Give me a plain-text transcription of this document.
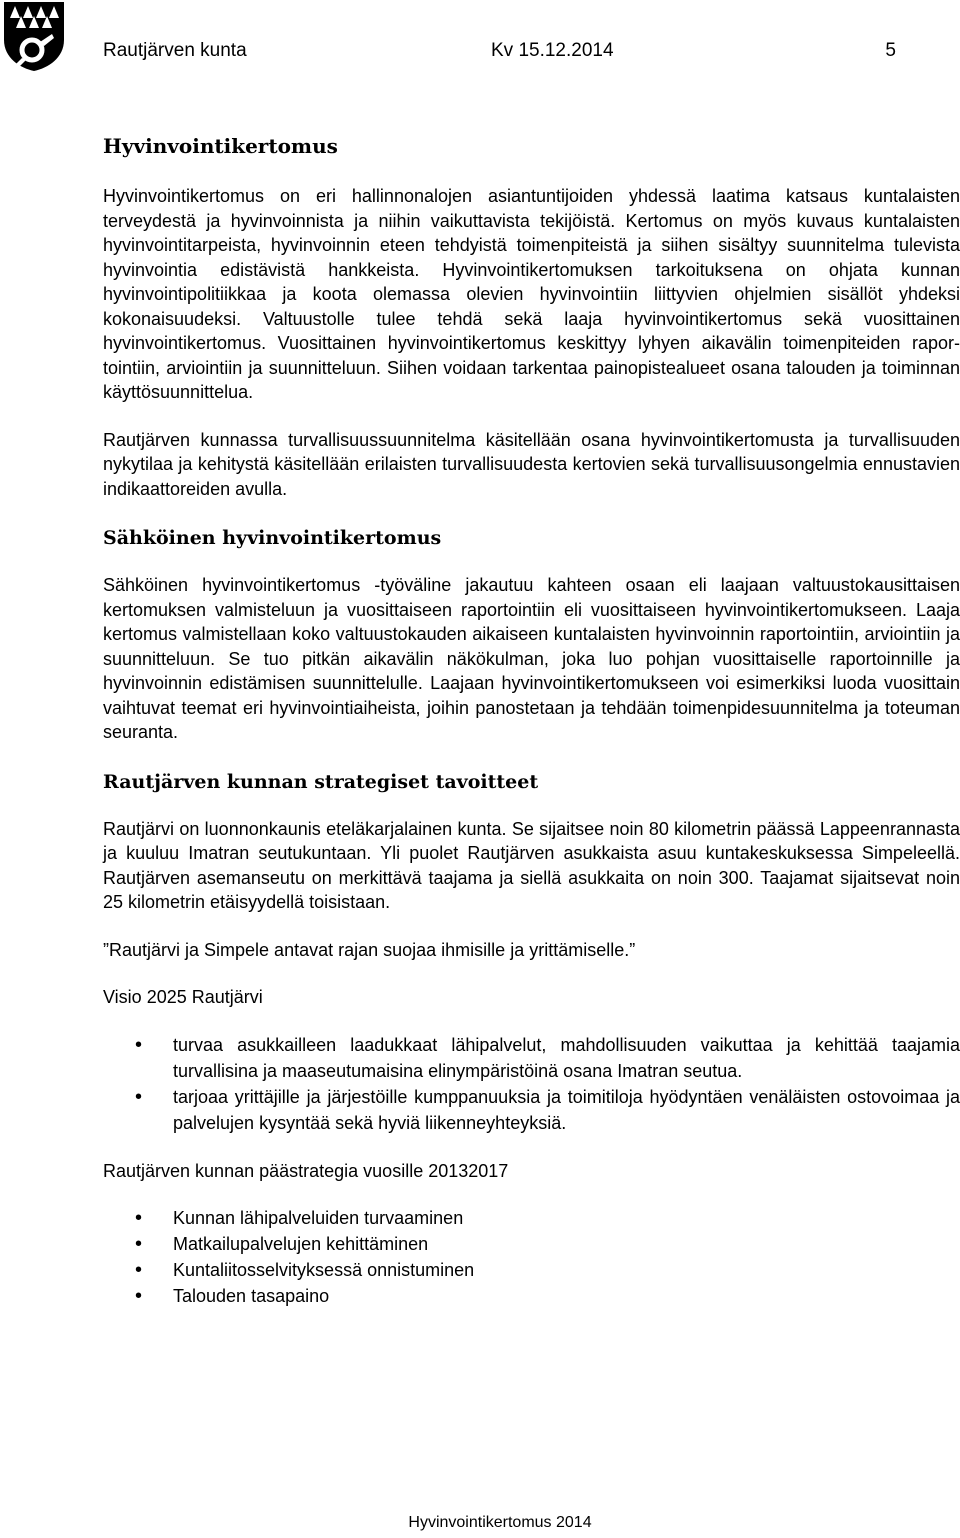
Rautjärven kunta	Kv 15.12.2014	5
Hyvinvointikertomus

Hyvinvointikertomus on eri hallinnonalojen asiantuntijoiden yhdessä laatima katsaus kuntalaisten terveydestä ja hyvinvoinnista ja niihin vaikuttavista tekijöistä. Kertomus on myös kuvaus kuntalaisten hyvinvointitarpeista, hyvinvoinnin eteen tehdyistä toimenpiteistä ja siihen sisältyy suunnitelma tulevista hyvinvointia edistävistä hankkeista. Hyvinvointikertomuksen tarkoituksena on ohjata kunnan hyvinvointipolitiikkaa ja koota olemassa olevien hyvinvointiin liittyvien ohjelmien sisällöt yhdeksi kokonaisuudeksi. Valtuustolle tulee tehdä sekä laaja hyvinvointikertomus sekä vuosittainen hyvinvointikertomus. Vuosittainen hyvinvointikertomus keskittyy lyhyen aikavälin toimenpiteiden raportointiin, arviointiin ja suunnitteluun. Siihen voidaan tarkentaa painopistealueet osana talouden ja toiminnan käyttösuunnittelua.

Rautjärven kunnassa turvallisuussuunnitelma käsitellään osana hyvinvointikertomusta ja turvallisuuden nykytilaa ja kehitystä käsitellään erilaisten turvallisuudesta kertovien sekä turvallisuusongelmia ennustavien indikaattoreiden avulla.

Sähköinen hyvinvointikertomus

Sähköinen hyvinvointikertomus -työväline jakautuu kahteen osaan eli laajaan valtuustokausittaisen kertomuksen valmisteluun ja vuosittaiseen raportointiin eli vuosittaiseen hyvinvointikertomukseen. Laaja kertomus valmistellaan koko valtuustokauden aikaiseen kuntalaisten hyvinvoinnin raportointiin, arviointiin ja suunnitteluun. Se tuo pitkän aikavälin näkökulman, joka luo pohjan vuosittaiselle raportoinnille ja hyvinvoinnin edistämisen suunnittelulle. Laajaan hyvinvointikertomukseen voi esimerkiksi luoda vuosittain vaihtuvat teemat eri hyvinvointiaiheista, joihin panostetaan ja tehdään toimenpidesuunnitelma ja toteuman seuranta.

Rautjärven kunnan strategiset tavoitteet

Rautjärvi on luonnonkaunis eteläkarjalainen kunta. Se sijaitsee noin 80 kilometrin päässä Lappeenrannasta ja kuuluu Imatran seutukuntaan. Yli puolet Rautjärven asukkaista asuu kuntakeskuksessa Simpeleellä. Rautjärven asemanseutu on merkittävä taajama ja siellä asukkaita on noin 300. Taajamat sijaitsevat noin 25 kilometrin etäisyydellä toisistaan.

”Rautjärvi ja Simpele antavat rajan suojaa ihmisille ja yrittämiselle.”

Visio 2025 Rautjärvi

• turvaa asukkailleen laadukkaat lähipalvelut, mahdollisuuden vaikuttaa ja kehittää taajamia turvallisina ja maaseutumaisina elinympäristöinä osana Imatran seutua.
• tarjoaa yrittäjille ja järjestöille kumppanuuksia ja toimitiloja hyödyntäen venäläisten ostovoimaa ja palvelujen kysyntää sekä hyviä liikenneyhteyksiä.

Rautjärven kunnan päästrategia vuosille 20132017

• Kunnan lähipalveluiden turvaaminen
• Matkailupalvelujen kehittäminen
• Kuntaliitosselvityksessä onnistuminen
• Talouden tasapaino
Hyvinvointikertomus 2014
